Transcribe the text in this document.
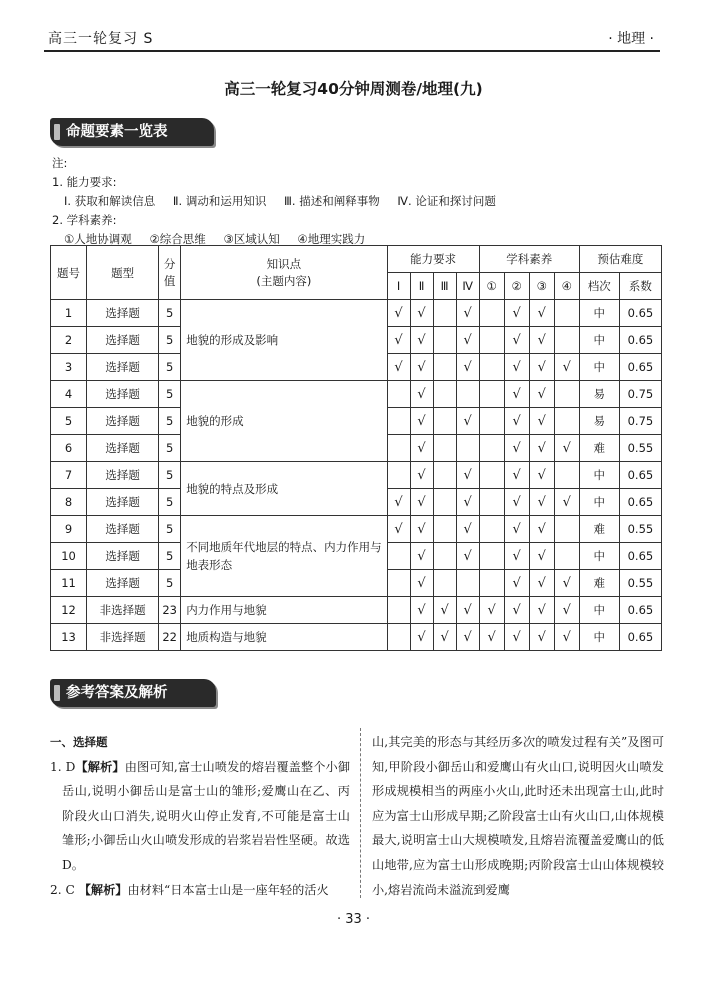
高三一轮复习 S	· 地理 ·
高三一轮复习40分钟周测卷/地理(九)
命题要素一览表
注:
1. 能力要求:
Ⅰ. 获取和解读信息 Ⅱ. 调动和运用知识 Ⅲ. 描述和阐释事物 Ⅳ. 论证和探讨问题
2. 学科素养:
①人地协调观 ②综合思维 ③区域认知 ④地理实践力
题号	题型	分
值	知识点
(主题内容)	能力要求				学科素养				预估难度	
				Ⅰ	Ⅱ	Ⅲ	Ⅳ	①	②	③	④	档次	系数
1	选择题	5	地貌的形成及影响	√	√		√		√	√		中	0.65
2	选择题	5		√	√		√		√	√		中	0.65
3	选择题	5		√	√		√		√	√	√	中	0.65
4	选择题	5	地貌的形成		√				√	√		易	0.75
5	选择题	5			√		√		√	√		易	0.75
6	选择题	5			√				√	√	√	难	0.55
7	选择题	5	地貌的特点及形成		√		√		√	√		中	0.65
8	选择题	5		√	√		√		√	√	√	中	0.65
9	选择题	5	不同地质年代地层的特点、内力作用与地表形态	√	√		√		√	√		难	0.55
10	选择题	5			√		√		√	√		中	0.65
11	选择题	5			√				√	√	√	难	0.55
12	非选择题	23	内力作用与地貌		√	√	√	√	√	√	√	中	0.65
13	非选择题	22	地质构造与地貌		√	√	√	√	√	√	√	中	0.65
参考答案及解析
一、选择题

1. D【解析】由图可知,富士山喷发的熔岩覆盖整个小御岳山,说明小御岳山是富士山的雏形;爱鹰山在乙、丙阶段火山口消失,说明火山停止发育,不可能是富士山雏形;小御岳山火山喷发形成的岩浆岩岩性坚硬。故选D。

2. C 【解析】由材料“日本富士山是一座年轻的活火

山,其完美的形态与其经历多次的喷发过程有关”及图可知,甲阶段小御岳山和爱鹰山有火山口,说明因火山喷发形成规模相当的两座小火山,此时还未出现富士山,此时应为富士山形成早期;乙阶段富士山有火山口,山体规模最大,说明富士山大规模喷发,且熔岩流覆盖爱鹰山的低山地带,应为富士山形成晚期;丙阶段富士山山体规模较小,熔岩流尚未溢流到爱鹰

· 33 ·
